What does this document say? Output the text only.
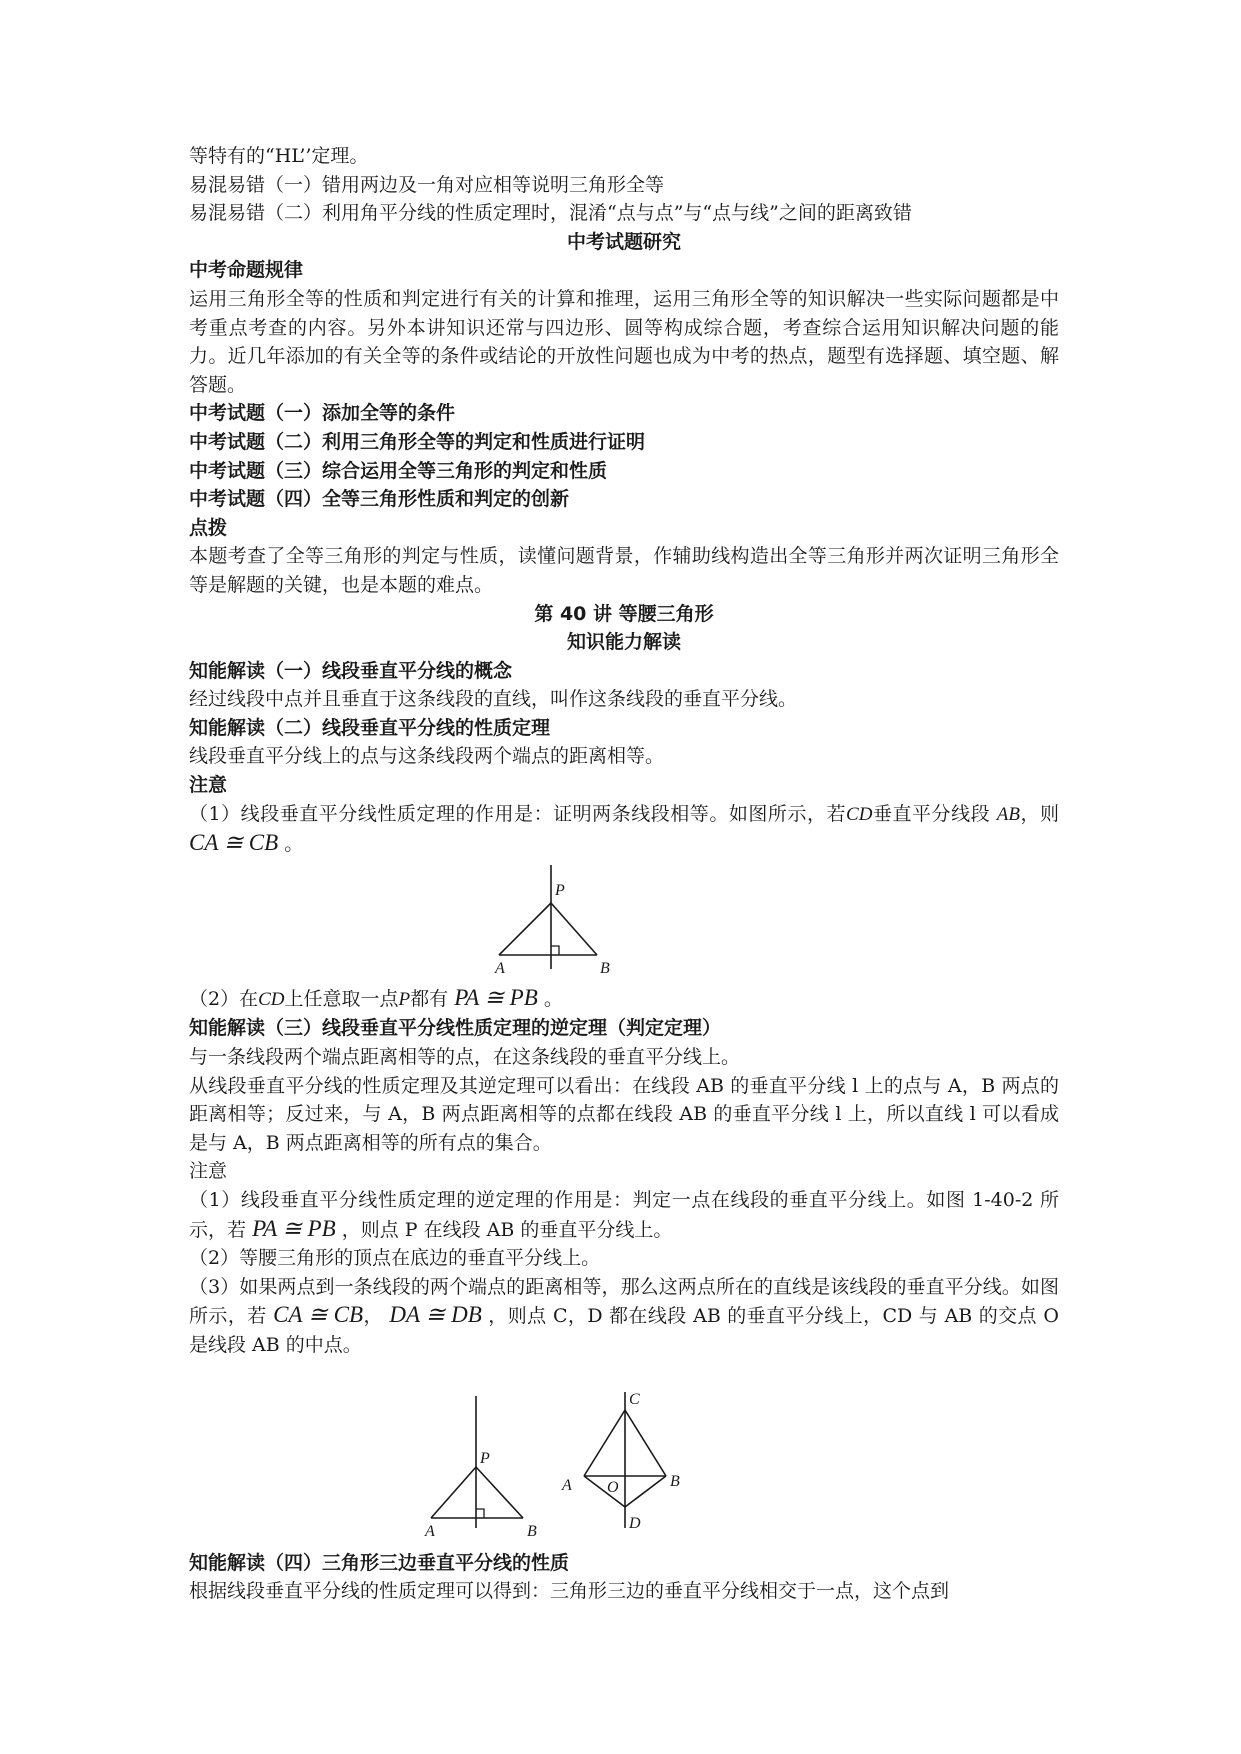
等特有的“HL’’定理。

易混易错（一）错用两边及一角对应相等说明三角形全等

易混易错（二）利用角平分线的性质定理时，混淆“点与点”与“点与线”之间的距离致错

中考试题研究

中考命题规律

运用三角形全等的性质和判定进行有关的计算和推理，运用三角形全等的知识解决一些实际问题都是中考重点考查的内容。另外本讲知识还常与四边形、圆等构成综合题，考查综合运用知识解决问题的能力。近几年添加的有关全等的条件或结论的开放性问题也成为中考的热点，题型有选择题、填空题、解答题。

中考试题（一）添加全等的条件

中考试题（二）利用三角形全等的判定和性质进行证明

中考试题（三）综合运用全等三角形的判定和性质

中考试题（四）全等三角形性质和判定的创新

点拨

本题考查了全等三角形的判定与性质，读懂问题背景，作辅助线构造出全等三角形并两次证明三角形全等是解题的关键，也是本题的难点。

第 40 讲 等腰三角形

知识能力解读

知能解读（一）线段垂直平分线的概念

经过线段中点并且垂直于这条线段的直线，叫作这条线段的垂直平分线。

知能解读（二）线段垂直平分线的性质定理

线段垂直平分线上的点与这条线段两个端点的距离相等。

注意

（1）线段垂直平分线性质定理的作用是：证明两条线段相等。如图所示，若CD垂直平分线段 AB，则 CA ≅ CB 。

P
A	B

（2）在CD上任意取一点P都有 PA ≅ PB 。

知能解读（三）线段垂直平分线性质定理的逆定理（判定定理）

与一条线段两个端点距离相等的点，在这条线段的垂直平分线上。

从线段垂直平分线的性质定理及其逆定理可以看出：在线段 AB 的垂直平分线 l 上的点与 A，B 两点的距离相等；反过来，与 A，B 两点距离相等的点都在线段 AB 的垂直平分线 l 上，所以直线 l 可以看成是与 A，B 两点距离相等的所有点的集合。

注意

（1）线段垂直平分线性质定理的逆定理的作用是：判定一点在线段的垂直平分线上。如图 1-40-2 所示，若 PA ≅ PB ，则点 P 在线段 AB 的垂直平分线上。

（2）等腰三角形的顶点在底边的垂直平分线上。

（3）如果两点到一条线段的两个端点的距离相等，那么这两点所在的直线是该线段的垂直平分线。如图所示，若 CA ≅ CB， DA ≅ DB ，则点 C，D 都在线段 AB 的垂直平分线上，CD 与 AB 的交点 O 是线段 AB 的中点。

P
A	B
C
A O	B
D

知能解读（四）三角形三边垂直平分线的性质

根据线段垂直平分线的性质定理可以得到：三角形三边的垂直平分线相交于一点，这个点到
